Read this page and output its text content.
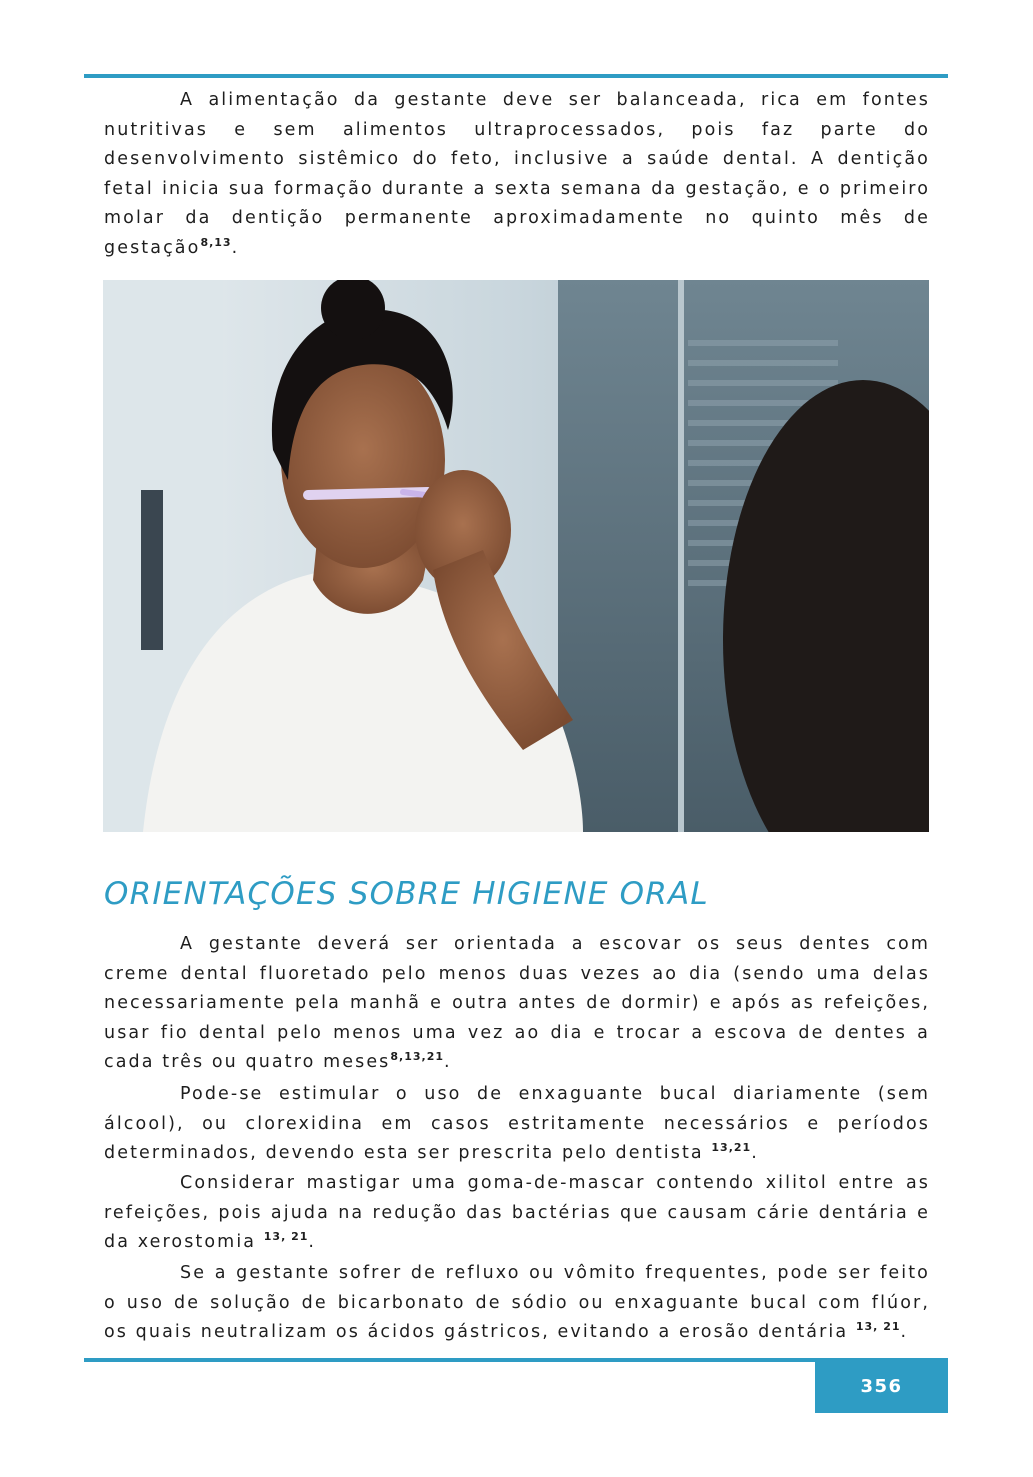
A alimentação da gestante deve ser balanceada, rica em fontes nutritivas e sem alimentos ultraprocessados, pois faz parte do desenvolvimento sistêmico do feto, inclusive a saúde dental. A dentição fetal inicia sua formação durante a sexta semana da gestação, e o primeiro molar da dentição permanente aproximadamente no quinto mês de gestação$^{8,13}$.

ORIENTAÇÕES SOBRE HIGIENE ORAL

A gestante deverá ser orientada a escovar os seus dentes com creme dental fluoretado pelo menos duas vezes ao dia (sendo uma delas necessariamente pela manhã e outra antes de dormir) e após as refeições, usar fio dental pelo menos uma vez ao dia e trocar a escova de dentes a cada três ou quatro meses$^{8,13,21}$.

Pode-se estimular o uso de enxaguante bucal diariamente (sem álcool), ou clorexidina em casos estritamente necessários e períodos determinados, devendo esta ser prescrita pelo dentista $^{13,21}$.

Considerar mastigar uma goma-de-mascar contendo xilitol entre as refeições, pois ajuda na redução das bactérias que causam cárie dentária e da xerostomia $^{13, 21}$.

Se a gestante sofrer de refluxo ou vômito frequentes, pode ser feito o uso de solução de bicarbonato de sódio ou enxaguante bucal com flúor, os quais neutralizam os ácidos gástricos, evitando a erosão dentária $^{13, 21}$.

356
